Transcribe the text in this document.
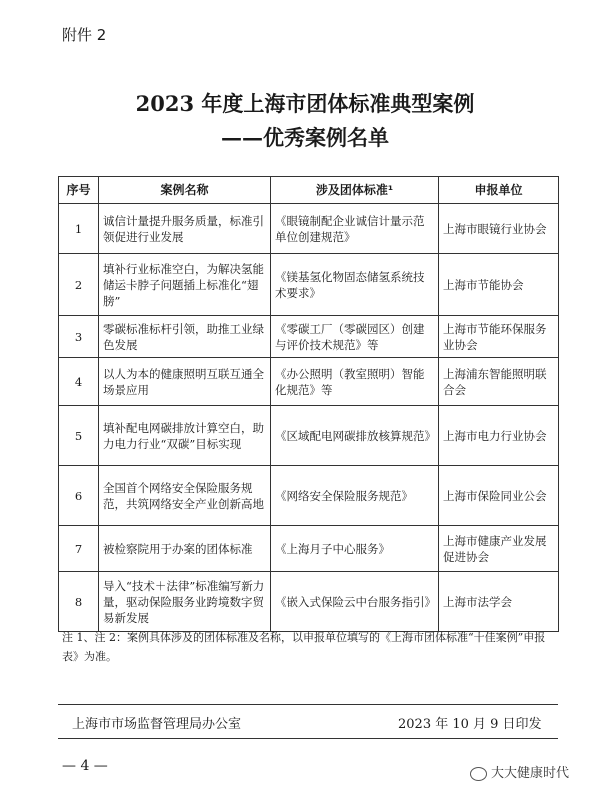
附件 2
2023 年度上海市团体标准典型案例
——优秀案例名单
序号	案例名称	涉及团体标准¹	申报单位
1	诚信计量提升服务质量，标准引领促进行业发展	《眼镜制配企业诚信计量示范单位创建规范》	上海市眼镜行业协会
2	填补行业标准空白，为解决氢能储运卡脖子问题插上标准化“翅膀”	《镁基氢化物固态储氢系统技术要求》	上海市节能协会
3	零碳标准标杆引领，助推工业绿色发展	《零碳工厂（零碳园区）创建与评价技术规范》等	上海市节能环保服务业协会
4	以人为本的健康照明互联互通全场景应用	《办公照明（教室照明）智能化规范》等	上海浦东智能照明联合会
5	填补配电网碳排放计算空白，助力电力行业“双碳”目标实现	《区域配电网碳排放核算规范》	上海市电力行业协会
6	全国首个网络安全保险服务规范，共筑网络安全产业创新高地	《网络安全保险服务规范》	上海市保险同业公会
7	被检察院用于办案的团体标准	《上海月子中心服务》	上海市健康产业发展促进协会
8	导入“技术＋法律”标准编写新力量，驱动保险服务业跨境数字贸易新发展	《嵌入式保险云中台服务指引》	上海市法学会
注 1、注 2：案例具体涉及的团体标准及名称，以申报单位填写的《上海市团体标准“十佳案例”申报表》为准。
上海市市场监督管理局办公室	2023 年 10 月 9 日印发
— 4 —	大大健康时代
